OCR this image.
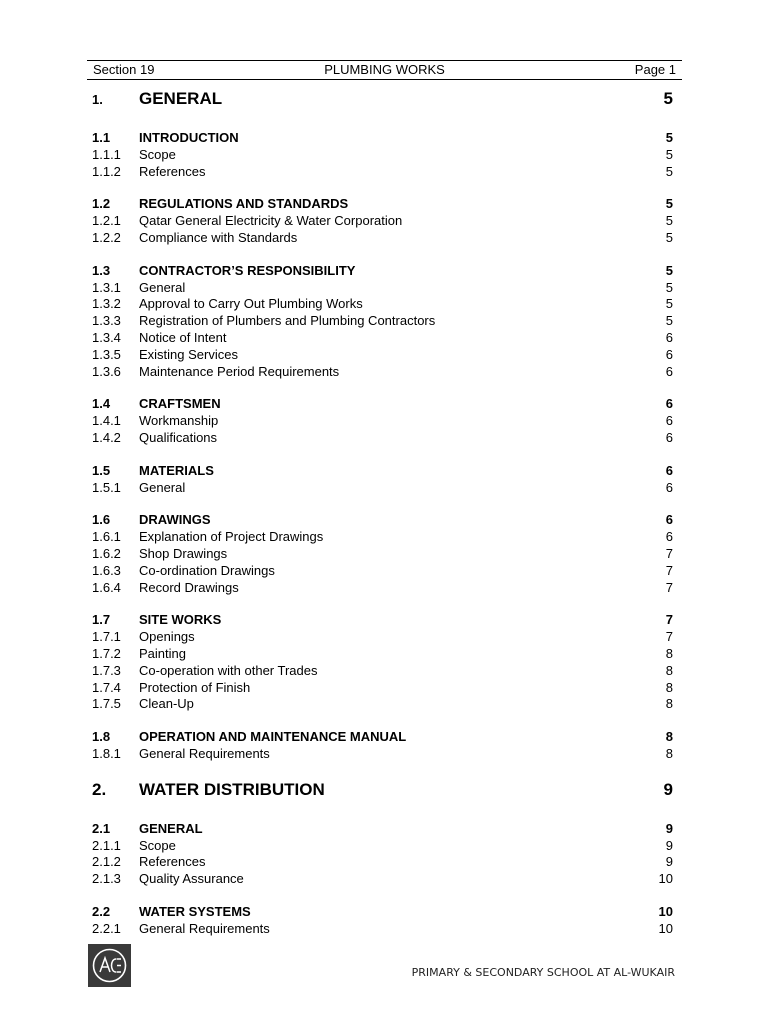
Section 19	PLUMBING WORKS	Page 1
1.	GENERAL	5
1.1	INTRODUCTION	5
1.1.1	Scope	5
1.1.2	References	5
1.2	REGULATIONS AND STANDARDS	5
1.2.1	Qatar General Electricity & Water Corporation	5
1.2.2	Compliance with Standards	5
1.3	CONTRACTOR’S RESPONSIBILITY	5
1.3.1	General	5
1.3.2	Approval to Carry Out Plumbing Works	5
1.3.3	Registration of Plumbers and Plumbing Contractors	5
1.3.4	Notice of Intent	6
1.3.5	Existing Services	6
1.3.6	Maintenance Period Requirements	6
1.4	CRAFTSMEN	6
1.4.1	Workmanship	6
1.4.2	Qualifications	6
1.5	MATERIALS	6
1.5.1	General	6
1.6	DRAWINGS	6
1.6.1	Explanation of Project Drawings	6
1.6.2	Shop Drawings	7
1.6.3	Co-ordination Drawings	7
1.6.4	Record Drawings	7
1.7	SITE WORKS	7
1.7.1	Openings	7
1.7.2	Painting	8
1.7.3	Co-operation with other Trades	8
1.7.4	Protection of Finish	8
1.7.5	Clean-Up	8
1.8	OPERATION AND MAINTENANCE MANUAL	8
1.8.1	General Requirements	8
2.	WATER DISTRIBUTION	9
2.1	GENERAL	9
2.1.1	Scope	9
2.1.2	References	9
2.1.3	Quality Assurance	10
2.2	WATER SYSTEMS	10
2.2.1	General Requirements	10
PRIMARY & SECONDARY SCHOOL AT AL-WUKAIR
